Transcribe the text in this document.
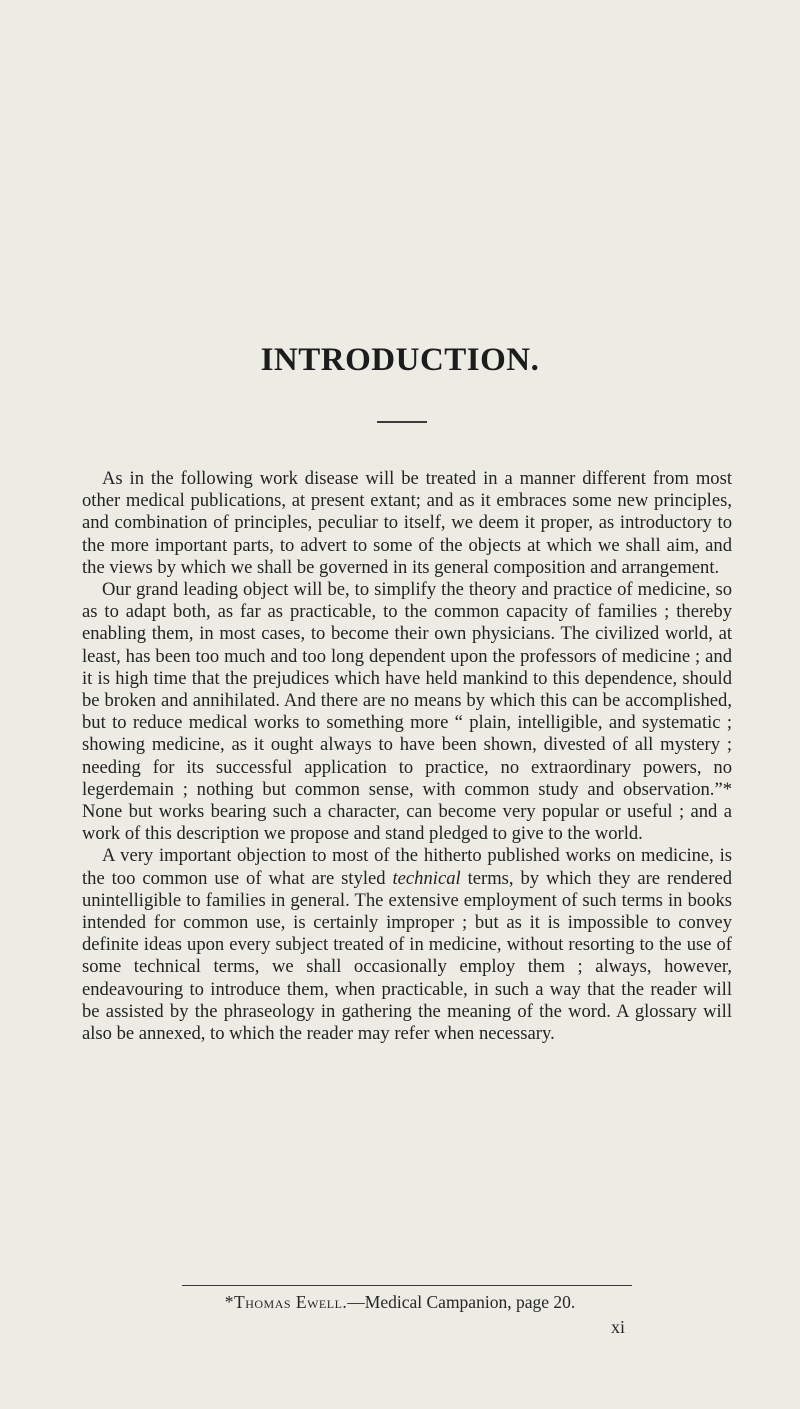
INTRODUCTION.

As in the following work disease will be treated in a manner different from most other medical publications, at present extant; and as it embraces some new principles, and combination of principles, peculiar to itself, we deem it proper, as introductory to the more important parts, to advert to some of the objects at which we shall aim, and the views by which we shall be governed in its general composition and arrangement.

Our grand leading object will be, to simplify the theory and practice of medicine, so as to adapt both, as far as practicable, to the common capacity of families ; thereby enabling them, in most cases, to become their own physicians. The civilized world, at least, has been too much and too long dependent upon the professors of medicine ; and it is high time that the prejudices which have held mankind to this dependence, should be broken and annihilated. And there are no means by which this can be accomplished, but to reduce medical works to something more “ plain, intelligible, and systematic ; showing medicine, as it ought always to have been shown, divested of all mystery ; needing for its successful application to practice, no extraordinary powers, no legerdemain ; nothing but common sense, with common study and observation.”* None but works bearing such a character, can become very popular or useful ; and a work of this description we propose and stand pledged to give to the world.

A very important objection to most of the hitherto published works on medicine, is the too common use of what are styled technical terms, by which they are rendered unintelligible to families in general. The extensive employment of such terms in books intended for common use, is certainly improper ; but as it is impossible to convey definite ideas upon every subject treated of in medicine, without resorting to the use of some technical terms, we shall occasionally employ them ; always, however, endeavouring to introduce them, when practicable, in such a way that the reader will be assisted by the phraseology in gathering the meaning of the word. A glossary will also be annexed, to which the reader may refer when necessary.

*Thomas Ewell.—Medical Campanion, page 20.
xi
